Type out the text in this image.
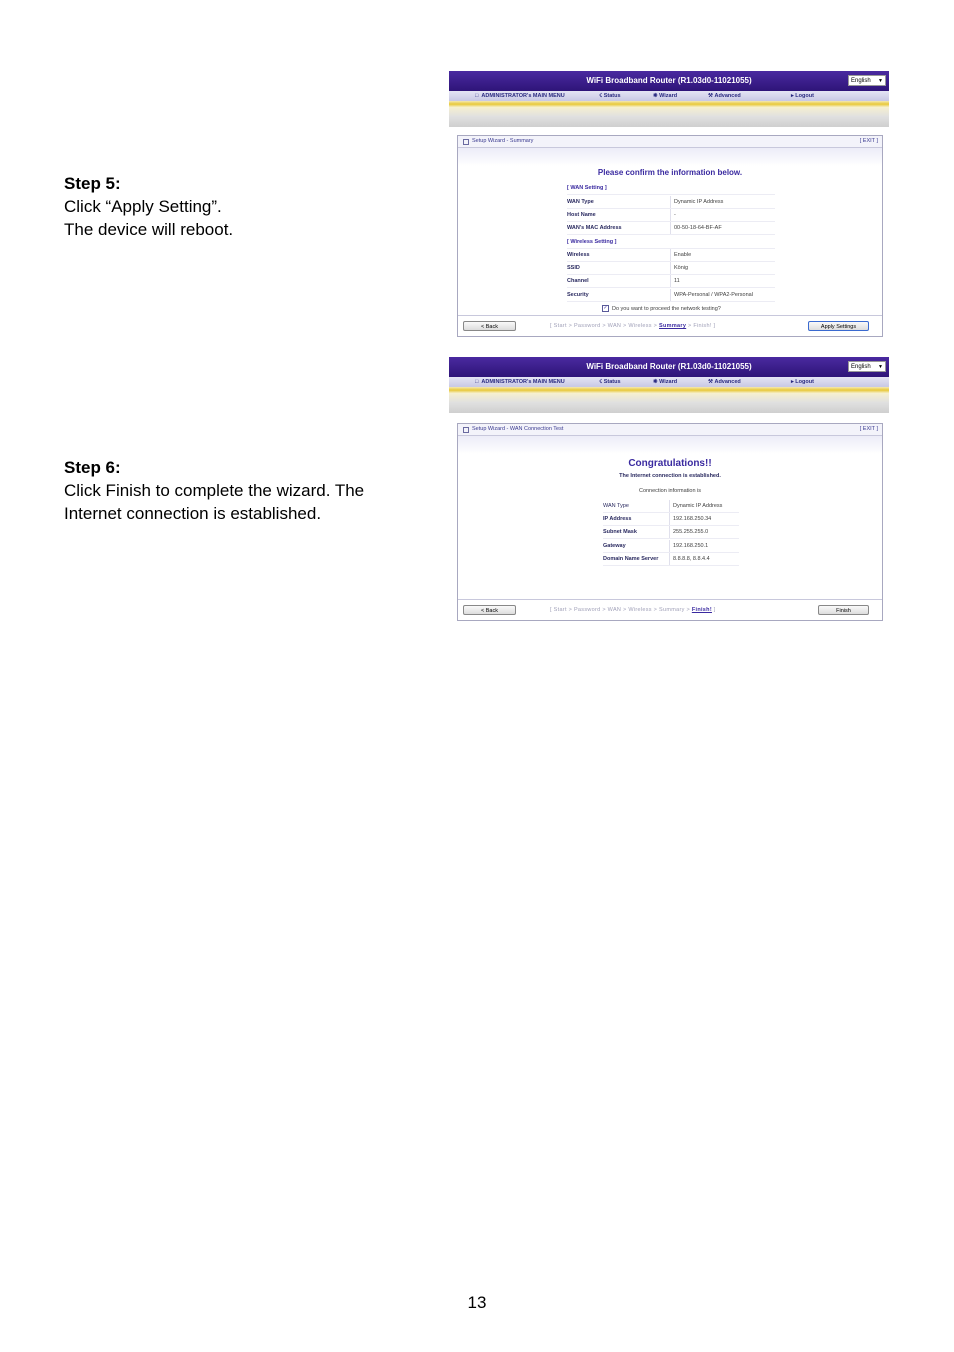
Step 5:

Click “Apply Setting”.

The device will reboot.

Step 6:

Click Finish to complete the wizard. The

Internet connection is established.

WiFi Broadband Router (R1.03d0-11021055)	English ▼
□ ADMINISTRATOR's MAIN MENU	☇ Status	❋ Wizard	⚒ Advanced	▸ Logout
Setup Wizard - Summary	[ EXIT ]
Please confirm the information below.
[ WAN Setting ]
WAN Type	Dynamic IP Address
Host Name	-
WAN's MAC Address	00-50-18-64-BF-AF
[ Wireless Setting ]
Wireless	Enable
SSID	König
Channel	11
Security	WPA-Personal / WPA2-Personal
✓ Do you want to proceed the network testing?
< Back	[ Start > Password > WAN > Wireless > Summary > Finish! ]	Apply Settings
WiFi Broadband Router (R1.03d0-11021055)	English ▼
□ ADMINISTRATOR's MAIN MENU	☇ Status	❋ Wizard	⚒ Advanced	▸ Logout
Setup Wizard - WAN Connection Test	[ EXIT ]
Congratulations!!
The Internet connection is established.
Connection information is
WAN Type	Dynamic IP Address
IP Address	192.168.250.34
Subnet Mask	255.255.255.0
Gateway	192.168.250.1
Domain Name Server	8.8.8.8, 8.8.4.4
< Back	[ Start > Password > WAN > Wireless > Summary > Finish! ]	Finish
13
